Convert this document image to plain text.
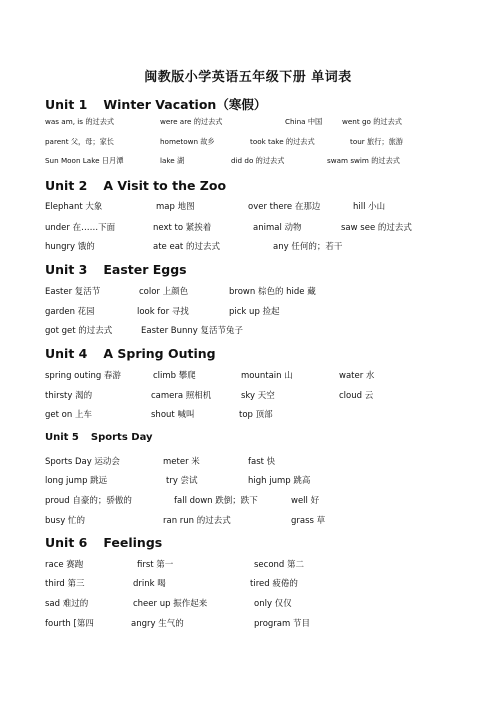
闽教版小学英语五年级下册 单词表
Unit 1 Winter Vacation（寒假）
was am, is 的过去式	were are 的过去式	China 中国	went go 的过去式
parent 父，母；家长	hometown 故乡	took take 的过去式	tour 旅行；旅游
Sun Moon Lake 日月潭	lake 湖	did do 的过去式	swam swim 的过去式
Unit 2 A Visit to the Zoo
Elephant 大象	map 地图	over there 在那边	hill 小山
under 在……下面	next to 紧挨着	animal 动物	saw see 的过去式
hungry 饿的	ate eat 的过去式	any 任何的；若干
Unit 3 Easter Eggs
Easter 复活节	color 上颜色	brown 棕色的 hide 藏
garden 花园	look for 寻找	pick up 捡起
got get 的过去式	Easter Bunny 复活节兔子
Unit 4 A Spring Outing
spring outing 春游	climb 攀爬	mountain 山	water 水
thirsty 渴的	camera 照相机	sky 天空	cloud 云
get on 上车	shout 喊叫	top 顶部
Unit 5 Sports Day
Sports Day 运动会	meter 米	fast 快
long jump 跳远	try 尝试	high jump 跳高
proud 自豪的；骄傲的	fall down 跌倒；跌下	well 好
busy 忙的	ran run 的过去式	grass 草
Unit 6 Feelings
race 赛跑	first 第一	second 第二
third 第三	drink 喝	tired 疲倦的
sad 难过的	cheer up 振作起来	only 仅仅
fourth [第四	angry 生气的	program 节目
